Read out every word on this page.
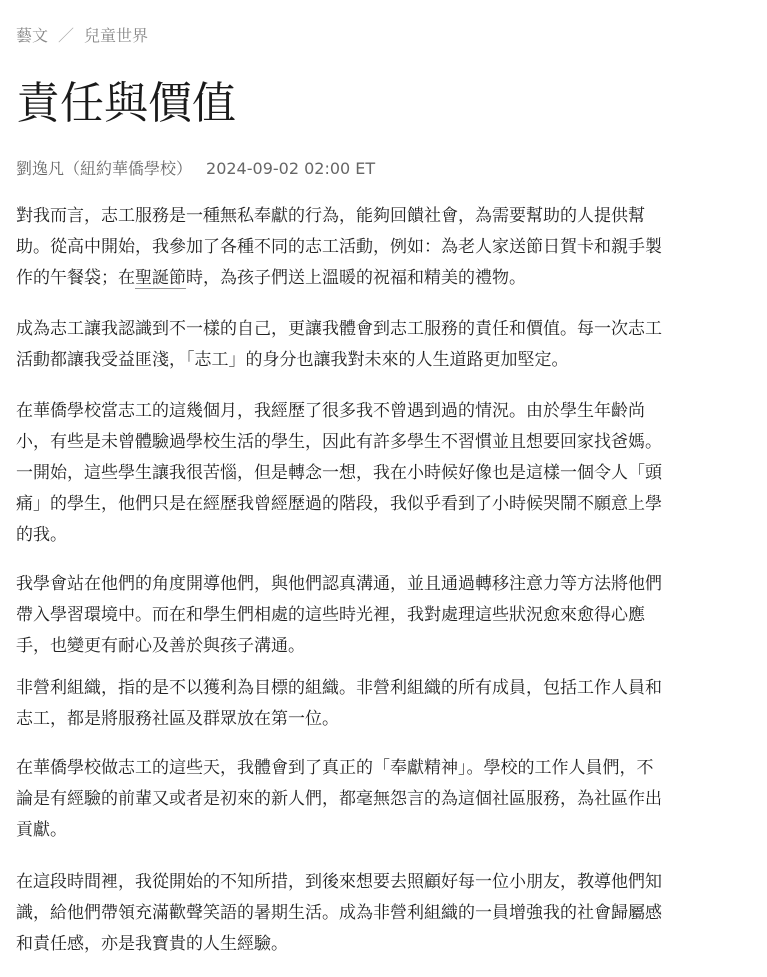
藝文 ／ 兒童世界
責任與價值
劉逸凡（紐約華僑學校） 2024-09-02 02:00 ET

對我而言，志工服務是一種無私奉獻的行為，能夠回饋社會，為需要幫助的人提供幫
助。從高中開始，我參加了各種不同的志工活動，例如：為老人家送節日賀卡和親手製
作的午餐袋；在聖誕節時，為孩子們送上溫暖的祝福和精美的禮物。

成為志工讓我認識到不一樣的自己，更讓我體會到志工服務的責任和價值。每一次志工
活動都讓我受益匪淺，「志工」的身分也讓我對未來的人生道路更加堅定。

在華僑學校當志工的這幾個月，我經歷了很多我不曾遇到過的情況。由於學生年齡尚
小，有些是未曾體驗過學校生活的學生，因此有許多學生不習慣並且想要回家找爸媽。
一開始，這些學生讓我很苦惱，但是轉念一想，我在小時候好像也是這樣一個令人「頭
痛」的學生，他們只是在經歷我曾經歷過的階段，我似乎看到了小時候哭鬧不願意上學
的我。

我學會站在他們的角度開導他們，與他們認真溝通，並且通過轉移注意力等方法將他們
帶入學習環境中。而在和學生們相處的這些時光裡，我對處理這些狀況愈來愈得心應
手，也變更有耐心及善於與孩子溝通。

非營利組織，指的是不以獲利為目標的組織。非營利組織的所有成員，包括工作人員和
志工，都是將服務社區及群眾放在第一位。

在華僑學校做志工的這些天，我體會到了真正的「奉獻精神」。學校的工作人員們，不
論是有經驗的前輩又或者是初來的新人們，都毫無怨言的為這個社區服務，為社區作出
貢獻。

在這段時間裡，我從開始的不知所措，到後來想要去照顧好每一位小朋友，教導他們知
識，給他們帶領充滿歡聲笑語的暑期生活。成為非營利組織的一員增強我的社會歸屬感
和責任感，亦是我寶貴的人生經驗。
